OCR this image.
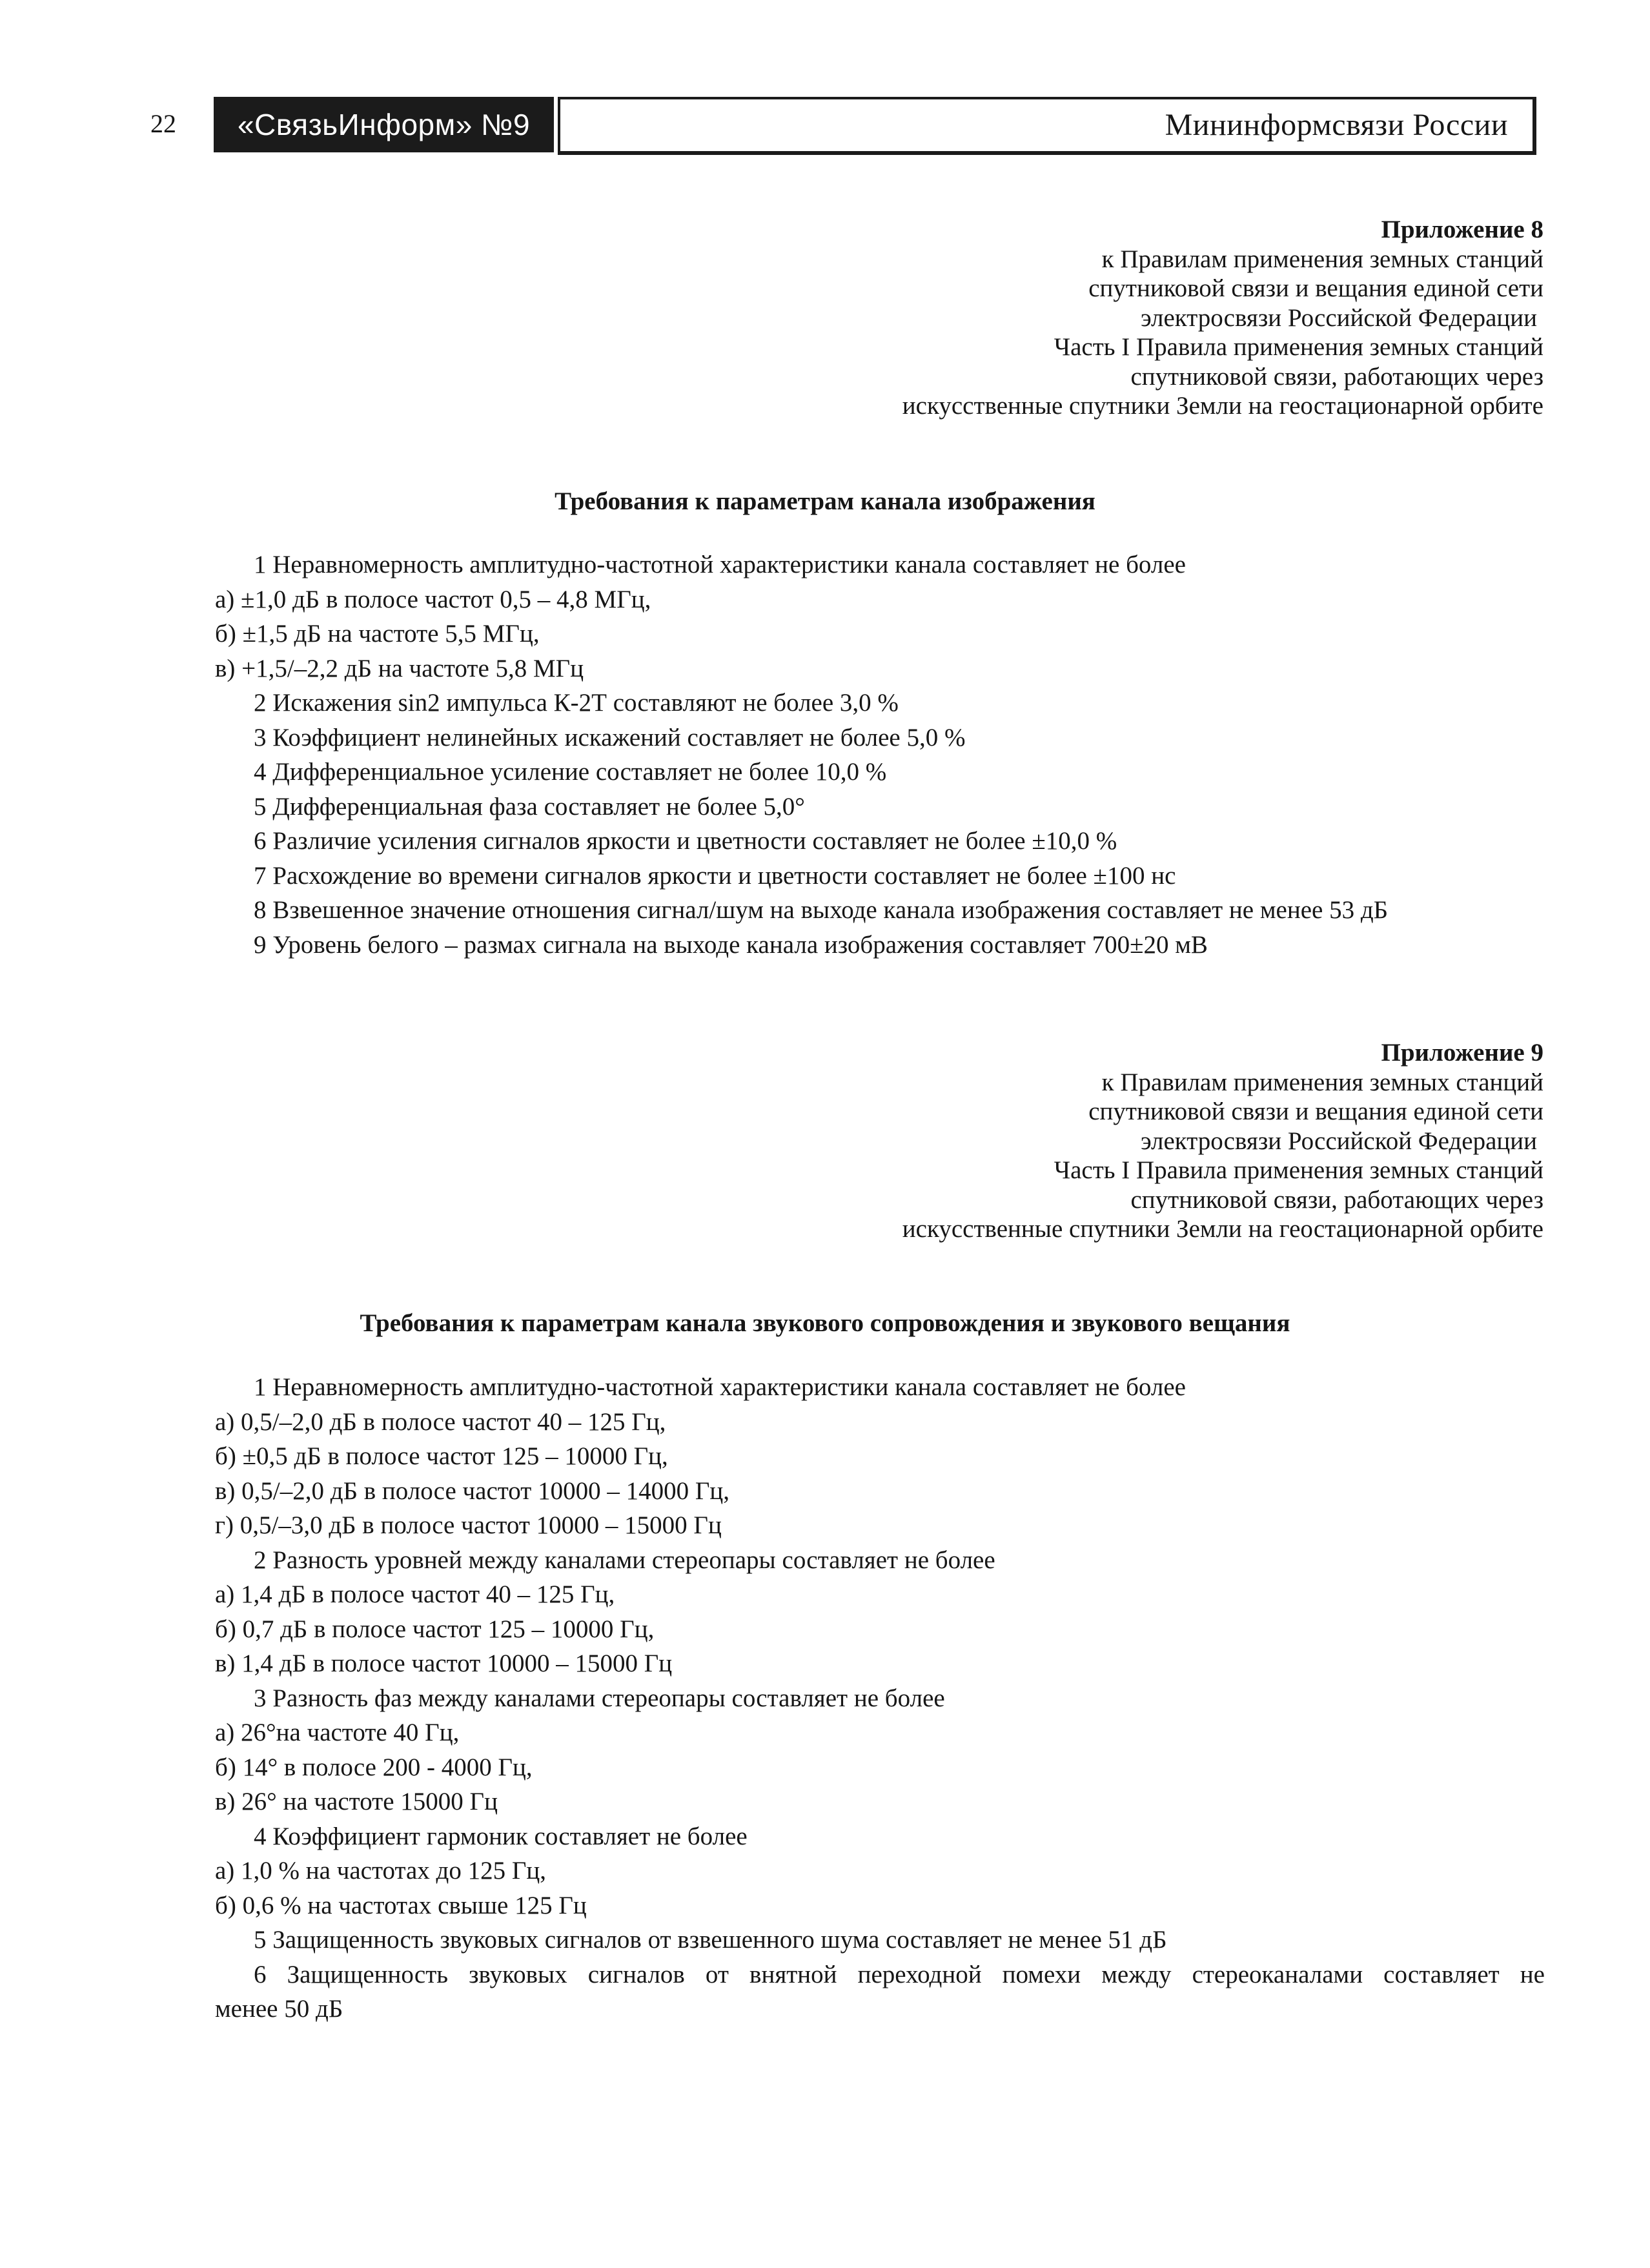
22	«СвязьИнформ» №9	Мининформсвязи России
Приложение 8
к Правилам применения земных станций
спутниковой связи и вещания единой сети
электросвязи Российской Федерации
Часть I Правила применения земных станций
спутниковой связи, работающих через
искусственные спутники Земли на геостационарной орбите
Требования к параметрам канала изображения
1 Неравномерность амплитудно-частотной характеристики канала составляет не более
а) ±1,0 дБ в полосе частот 0,5 – 4,8 МГц,
б) ±1,5 дБ на частоте 5,5 МГц,
в) +1,5/–2,2 дБ на частоте 5,8 МГц
2 Искажения sin2 импульса К-2Т составляют не более 3,0 %
3 Коэффициент нелинейных искажений составляет не более 5,0 %
4 Дифференциальное усиление составляет не более 10,0 %
5 Дифференциальная фаза составляет не более 5,0°
6 Различие усиления сигналов яркости и цветности составляет не более ±10,0 %
7 Расхождение во времени сигналов яркости и цветности составляет не более ±100 нс
8 Взвешенное значение отношения сигнал/шум на выходе канала изображения составляет не менее 53 дБ
9 Уровень белого – размах сигнала на выходе канала изображения составляет 700±20 мВ
Приложение 9
к Правилам применения земных станций
спутниковой связи и вещания единой сети
электросвязи Российской Федерации
Часть I Правила применения земных станций
спутниковой связи, работающих через
искусственные спутники Земли на геостационарной орбите
Требования к параметрам канала звукового сопровождения и звукового вещания
1 Неравномерность амплитудно-частотной характеристики канала составляет не более
а) 0,5/–2,0 дБ в полосе частот 40 – 125 Гц,
б) ±0,5 дБ в полосе частот 125 – 10000 Гц,
в) 0,5/–2,0 дБ в полосе частот 10000 – 14000 Гц,
г) 0,5/–3,0 дБ в полосе частот 10000 – 15000 Гц
2 Разность уровней между каналами стереопары составляет не более
а) 1,4 дБ в полосе частот 40 – 125 Гц,
б) 0,7 дБ в полосе частот 125 – 10000 Гц,
в) 1,4 дБ в полосе частот 10000 – 15000 Гц
3 Разность фаз между каналами стереопары составляет не более
а) 26°на частоте 40 Гц,
б) 14° в полосе 200 - 4000 Гц,
в) 26° на частоте 15000 Гц
4 Коэффициент гармоник составляет не более
а) 1,0 % на частотах до 125 Гц,
б) 0,6 % на частотах свыше 125 Гц
5 Защищенность звуковых сигналов от взвешенного шума составляет не менее 51 дБ
6 Защищенность звуковых сигналов от внятной переходной помехи между стереоканалами составляет не
менее 50 дБ
